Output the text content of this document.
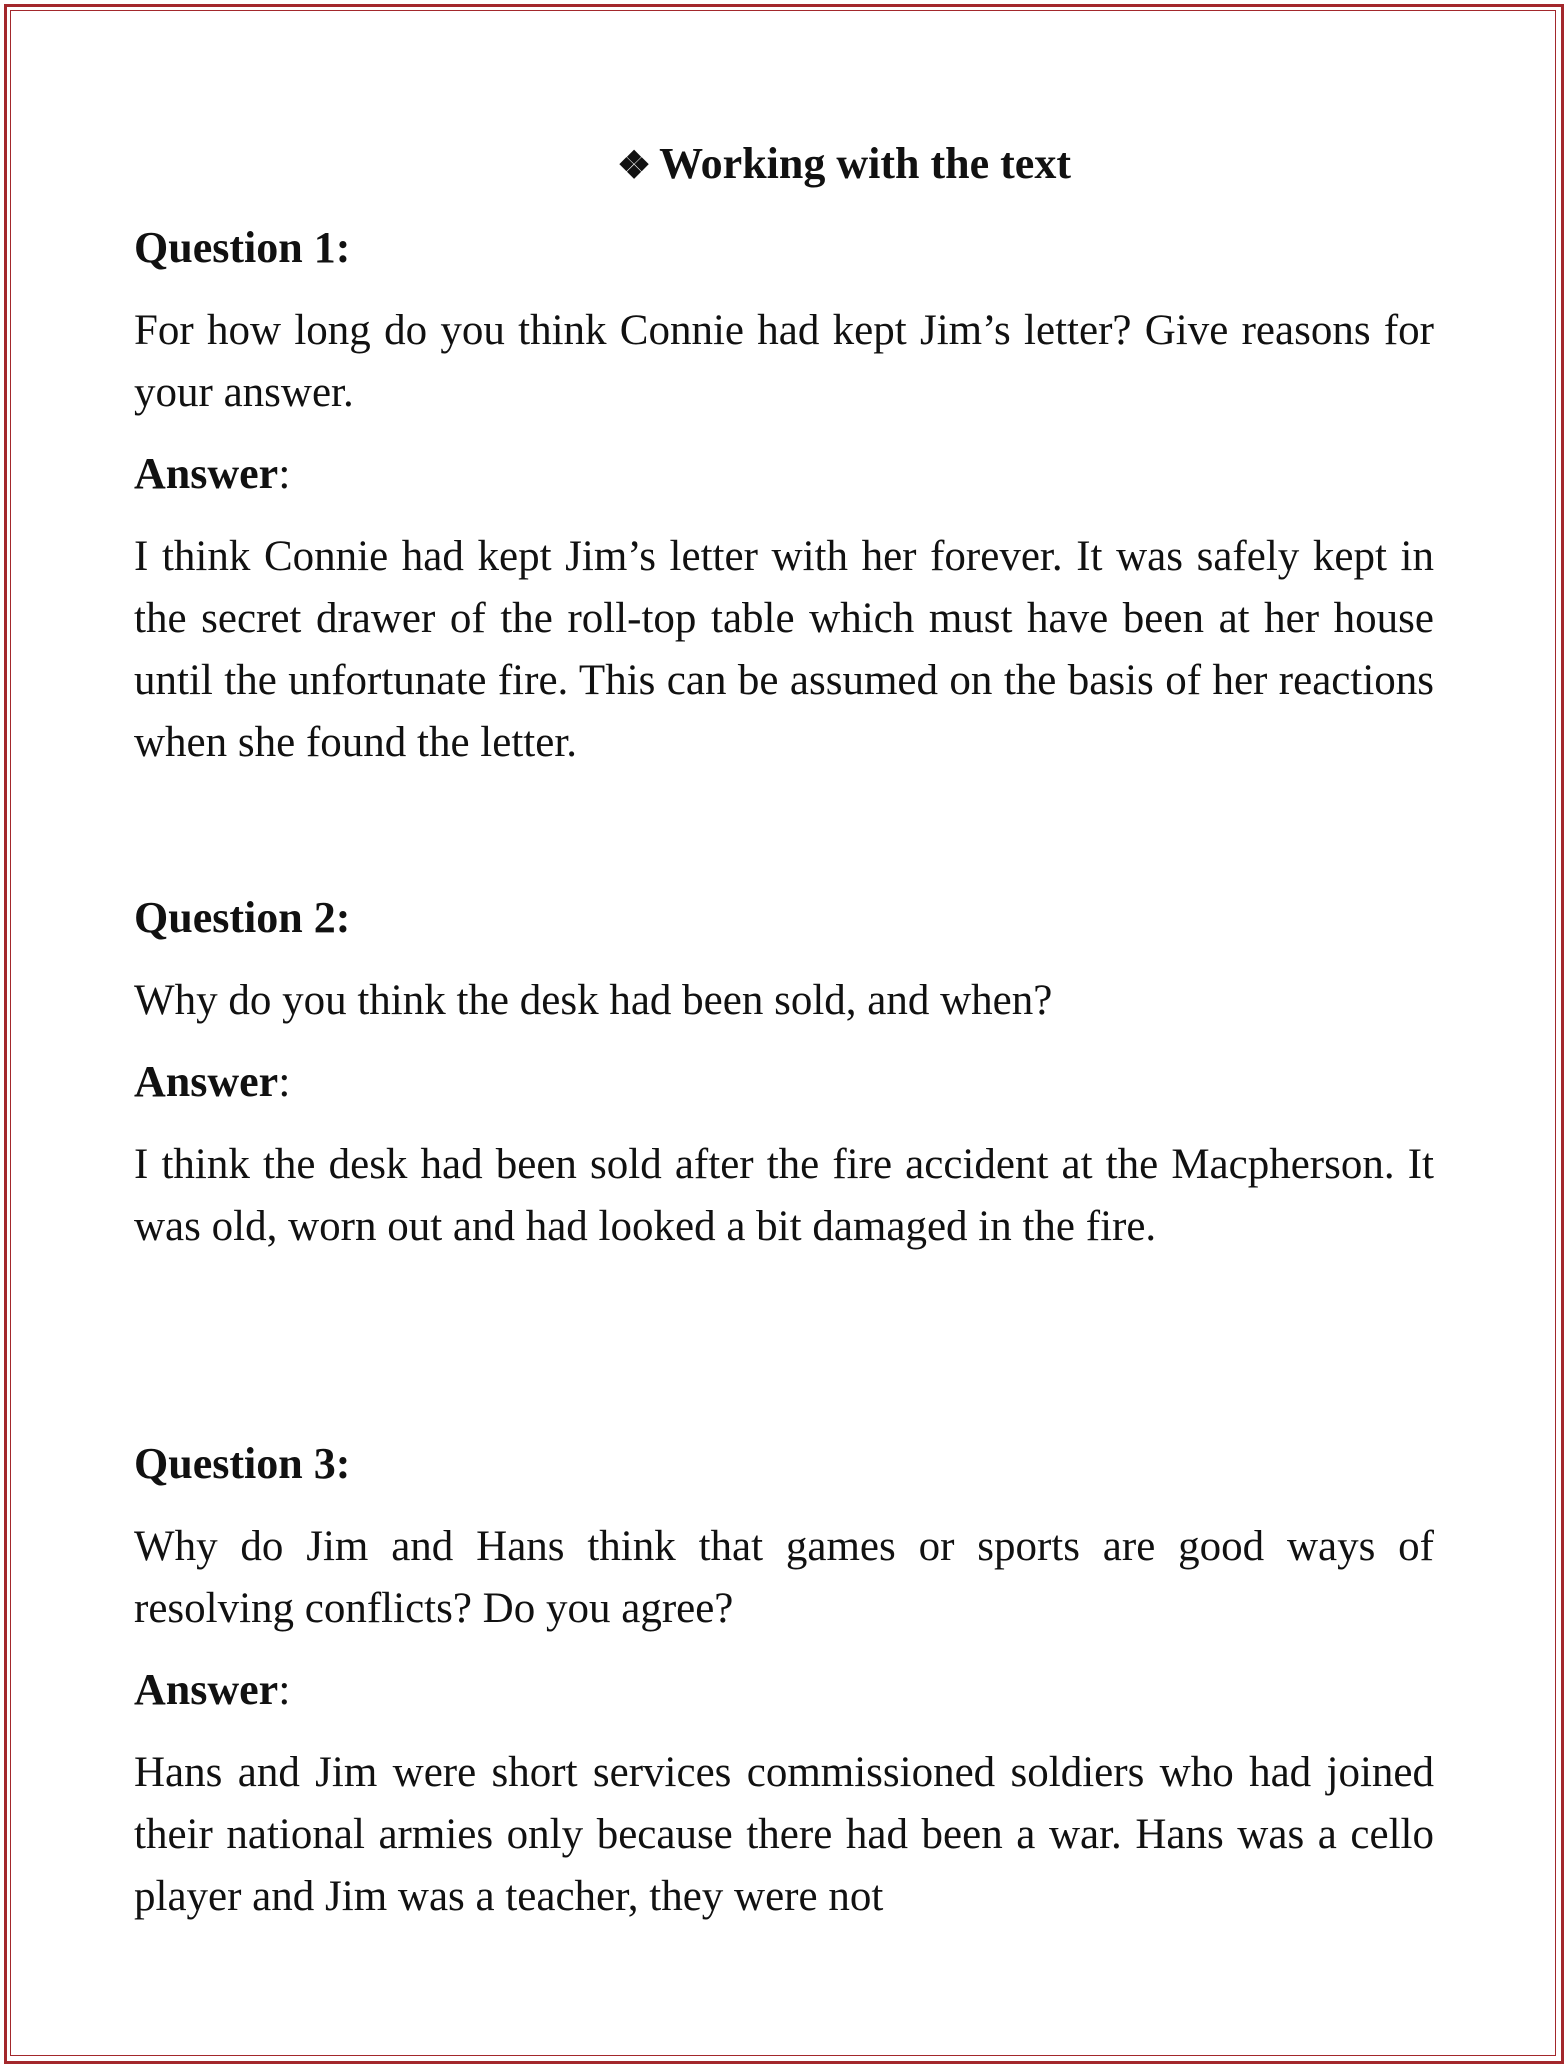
❖ Working with the text

Question 1:

For how long do you think Connie had kept Jim’s letter? Give reasons for your answer.

Answer:

I think Connie had kept Jim’s letter with her forever. It was safely kept in the secret drawer of the roll-top table which must have been at her house until the unfortunate fire. This can be assumed on the basis of her reactions when she found the letter.

Question 2:

Why do you think the desk had been sold, and when?

Answer:

I think the desk had been sold after the fire accident at the Macpherson. It was old, worn out and had looked a bit damaged in the fire.

Question 3:

Why do Jim and Hans think that games or sports are good ways of resolving conflicts? Do you agree?

Answer:

Hans and Jim were short services commissioned soldiers who had joined their national armies only because there had been a war. Hans was a cello player and Jim was a teacher, they were not
